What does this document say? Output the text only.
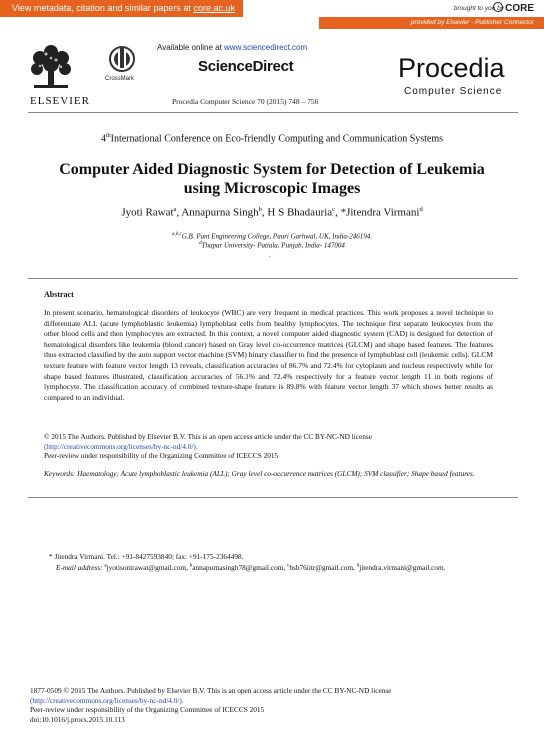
View metadata, citation and similar papers at core.ac.uk	brought to you by CORE
provided by Elsevier - Publisher Connector
ELSEVIER
CrossMark
Available online at www.sciencedirect.com
ScienceDirect
Procedia Computer Science 70 (2015) 748 – 756
Procedia
Computer Science
4thInternational Conference on Eco-friendly Computing and Communication Systems
Computer Aided Diagnostic System for Detection of Leukemia
using Microscopic Images
Jyoti Rawat$^a$, Annapurna Singh$^b$, H S Bhadauria$^c$, *Jitendra Virmani$^d$
$^{a,b,c}$G.B. Pant Engineering College, Pauri Garhwal, UK, India-246194.
$^d$Thapar University- Patiala, Punjab, India- 147004
.
Abstract
In present scenario, hematological disorders of leukocyte (WBC) are very frequent in medical practices. This work proposes a novel technique to differentiate ALL (acute lymphoblastic leukemia) lymphoblast cells from healthy lymphocytes. The technique first separate leukocytes from the other blood cells and then lymphocytes are extracted. In this context, a novel computer aided diagnostic system (CAD) is designed for detection of hematological disorders like leukemia (blood cancer) based on Gray level co-occurrence matrices (GLCM) and shape based features. The features thus extracted classified by the auto support vector machine (SVM) binary classifier to find the presence of lymphoblast cell (leukemic cells). GLCM texture feature with feature vector length 13 reveals, classification accuracies of 86.7% and 72.4% for cytoplasm and nucleus respectively while for shape based features illustrated, classification accuracies of 56.1% and 72.4% respectively for a feature vector length 11 in both regions of lymphocyte. The classification accuracy of combined texture-shape feature is 89.8% with feature vector length 37 which shows better results as compared to an individual.
© 2015 The Authors. Published by Elsevier B.V. This is an open access article under the CC BY-NC-ND license
(http://creativecommons.org/licenses/by-nc-nd/4.0/).
Peer-review under responsibility of the Organizing Committee of ICECCS 2015
Keywords: Haematology; Acute lymphoblastic leukemia (ALL); Gray level co-occurrence matrices (GLCM); SVM classifier; Shape based features.
* Jitendra Virmani. Tel.: +91-8427593840; fax: +91-175-2364498.
E-mail address: $^a$jyotisonirawat@gmail.com, $^b$annapurnasingh78@gmail.com, $^c$hsb76iitr@gmail.com, $^d$jitendra.virmani@gmail.com.
1877-0509 © 2015 The Authors. Published by Elsevier B.V. This is an open access article under the CC BY-NC-ND license
(http://creativecommons.org/licenses/by-nc-nd/4.0/).
Peer-review under responsibility of the Organizing Committee of ICECCS 2015
doi:10.1016/j.procs.2015.10.113
